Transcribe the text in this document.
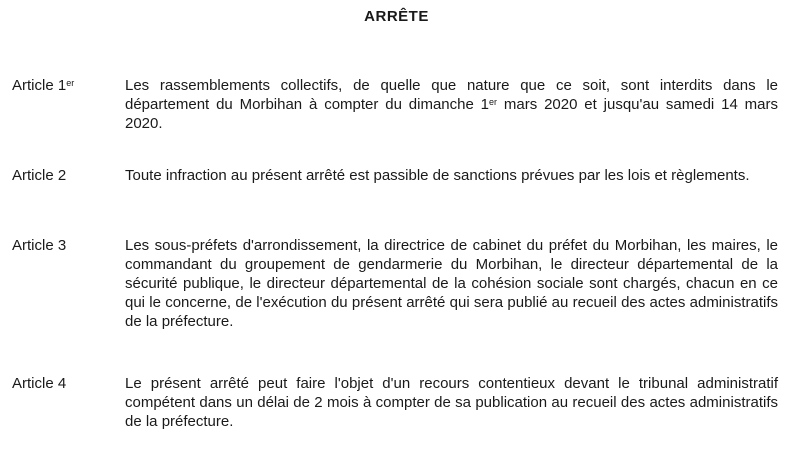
ARRÊTE
Article 1er	Les rassemblements collectifs, de quelle que nature que ce soit, sont interdits dans le département du Morbihan à compter du dimanche 1er mars 2020 et jusqu'au samedi 14 mars 2020.
Article 2	Toute infraction au présent arrêté est passible de sanctions prévues par les lois et règlements.
Article 3	Les sous-préfets d'arrondissement, la directrice de cabinet du préfet du Morbihan, les maires, le commandant du groupement de gendarmerie du Morbihan, le directeur départemental de la sécurité publique, le directeur départemental de la cohésion sociale sont chargés, chacun en ce qui le concerne, de l'exécution du présent arrêté qui sera publié au recueil des actes administratifs de la préfecture.
Article 4	Le présent arrêté peut faire l'objet d'un recours contentieux devant le tribunal administratif compétent dans un délai de 2 mois à compter de sa publication au recueil des actes administratifs de la préfecture.
